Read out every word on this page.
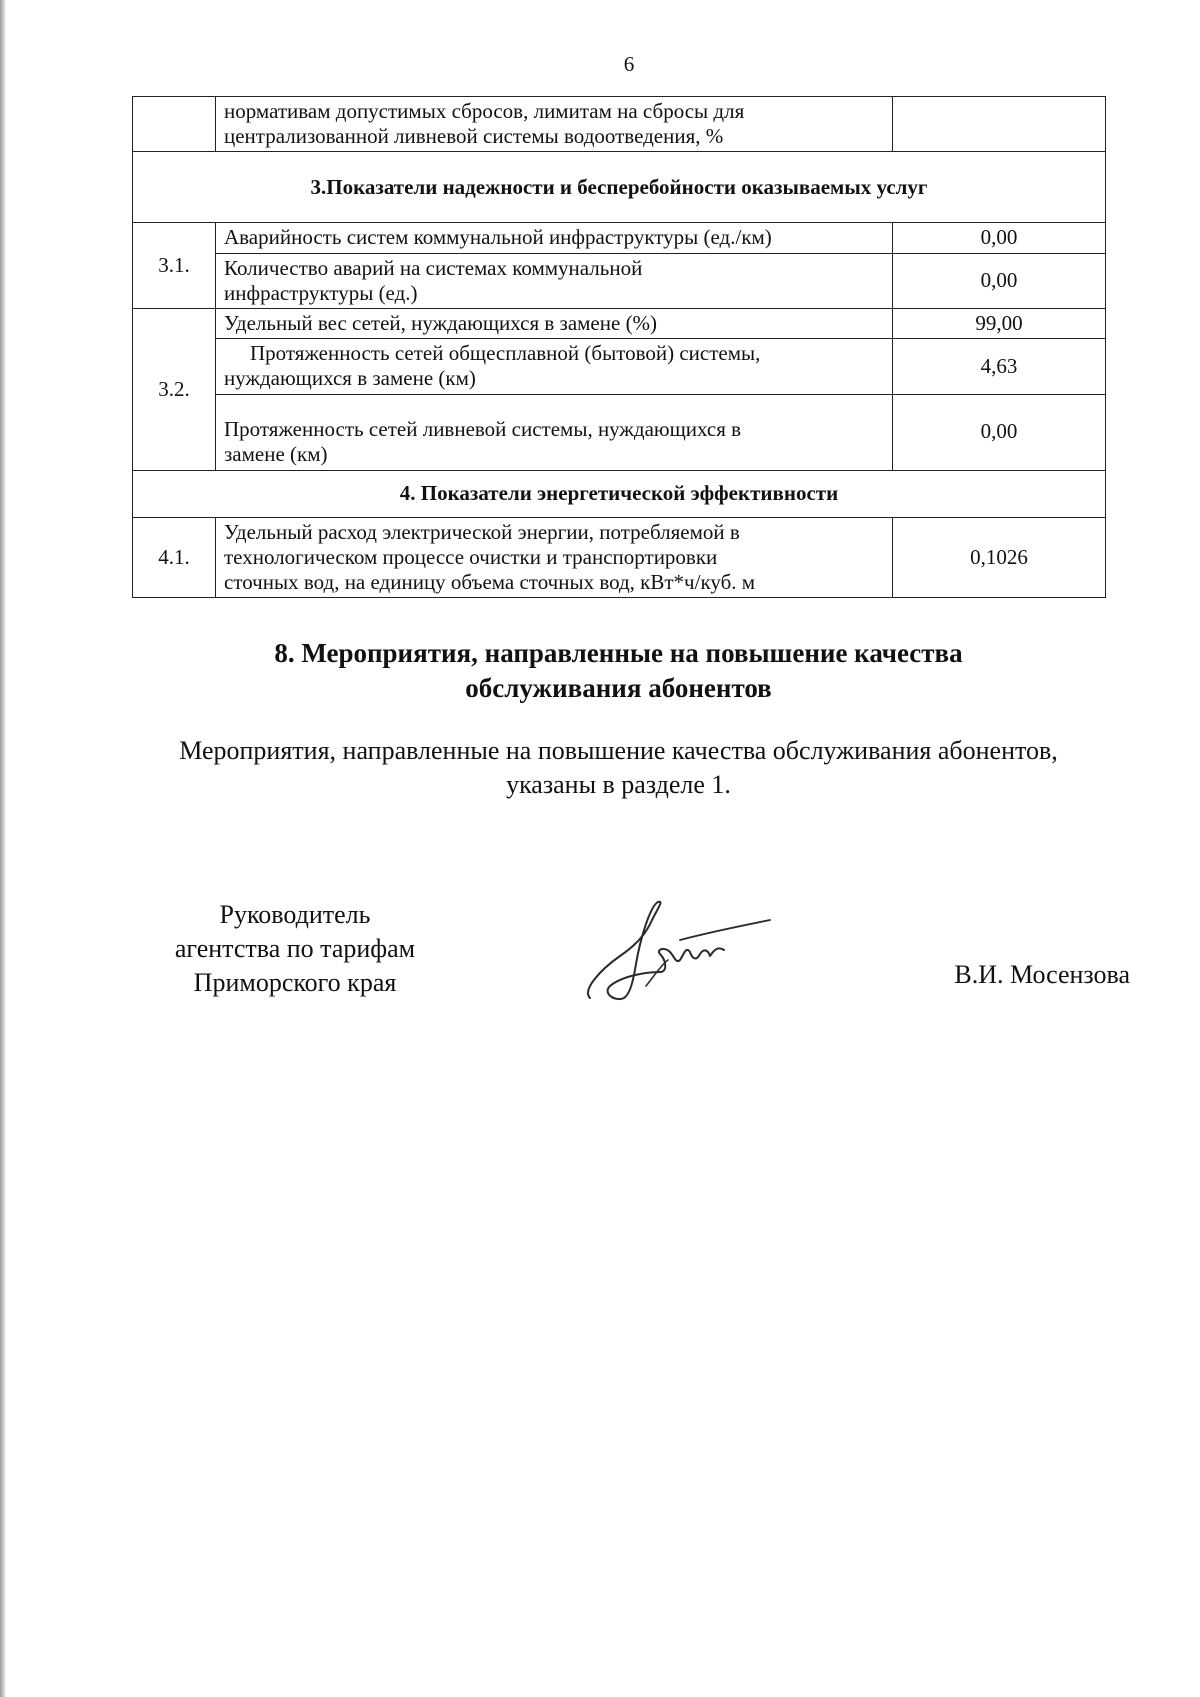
6

	нормативам допустимых сбросов, лимитам на сбросы для
централизованной ливневой системы водоотведения, %	

3.Показатели надежности и бесперебойности оказываемых услуг		
3.1.	Аварийность систем коммунальной инфраструктуры (ед./км)	0,00

	Количество аварий на системах коммунальной
инфраструктуры (ед.)	0,00
3.2.	Удельный вес сетей, нуждающихся в замене (%)	99,00

	Протяженность сетей общесплавной (бытовой) системы,
нуждающихся в замене (км)	4,63

	Протяженность сетей ливневой системы, нуждающихся в
замене (км)	0,00
4. Показатели энергетической эффективности		
4.1.	Удельный расход электрической энергии, потребляемой в
технологическом процессе очистки и транспортировки
сточных вод, на единицу объема сточных вод, кВт*ч/куб. м	0,1026
8. Мероприятия, направленные на повышение качества
обслуживания абонентов
Мероприятия, направленные на повышение качества обслуживания абонентов,
указаны в разделе 1.
Руководитель
агентства по тарифам
Приморского края	В.И. Мосензова
